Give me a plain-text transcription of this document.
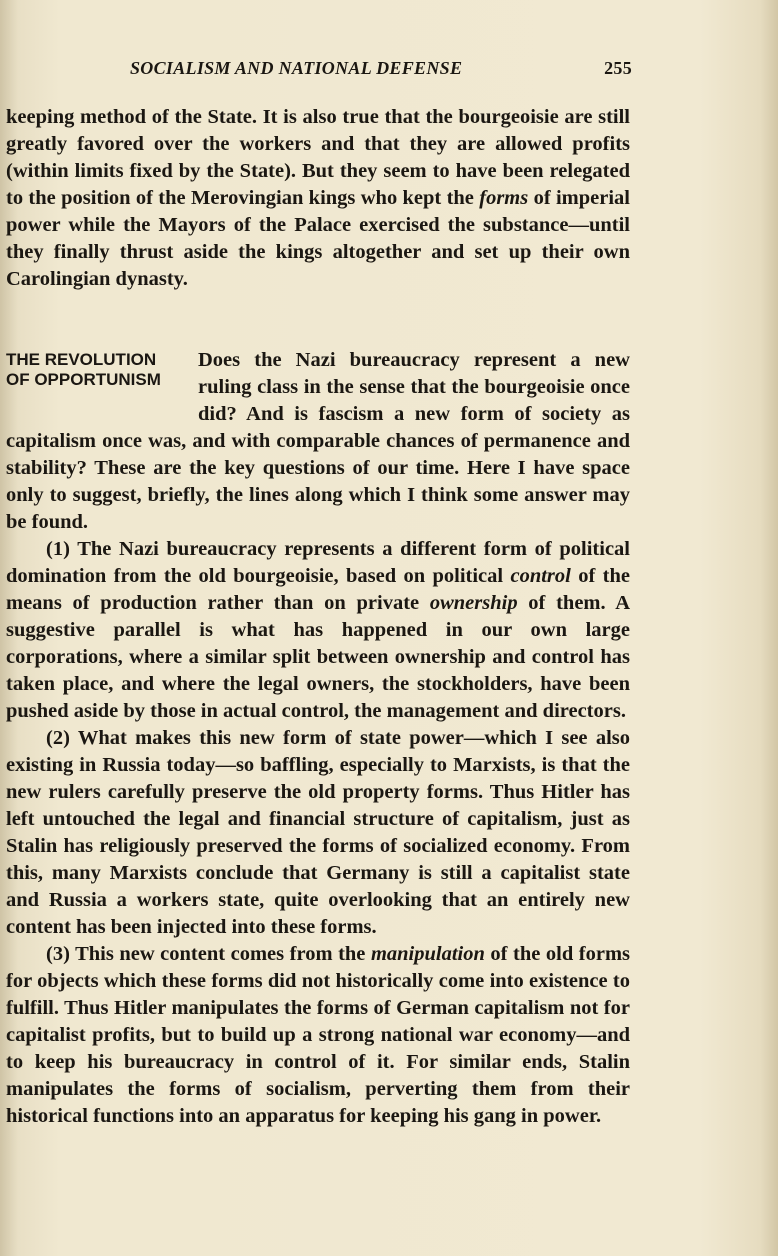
SOCIALISM AND NATIONAL DEFENSE	255

keeping method of the State. It is also true that the bourgeoisie are still greatly favored over the workers and that they are allowed profits (within limits fixed by the State). But they seem to have been relegated to the position of the Merovingian kings who kept the forms of imperial power while the Mayors of the Palace exercised the substance—until they finally thrust aside the kings altogether and set up their own Carolingian dynasty.

THE REVOLUTION
OF OPPORTUNISM
Does the Nazi bureaucracy represent a new ruling class in the sense that the bourgeoisie once did? And is fascism a new form of society as capitalism once was, and with comparable chances of permanence and stability? These are the key questions of our time. Here I have space only to suggest, briefly, the lines along which I think some answer may be found.

(1) The Nazi bureaucracy represents a different form of political domination from the old bourgeoisie, based on political control of the means of production rather than on private ownership of them. A suggestive parallel is what has happened in our own large corporations, where a similar split between ownership and control has taken place, and where the legal owners, the stockholders, have been pushed aside by those in actual control, the management and directors.

(2) What makes this new form of state power—which I see also existing in Russia today—so baffling, especially to Marxists, is that the new rulers carefully preserve the old property forms. Thus Hitler has left untouched the legal and financial structure of capitalism, just as Stalin has religiously preserved the forms of socialized economy. From this, many Marxists conclude that Germany is still a capitalist state and Russia a workers state, quite overlooking that an entirely new content has been injected into these forms.

(3) This new content comes from the manipulation of the old forms for objects which these forms did not historically come into existence to fulfill. Thus Hitler manipulates the forms of German capitalism not for capitalist profits, but to build up a strong national war economy—and to keep his bureaucracy in control of it. For similar ends, Stalin manipulates the forms of socialism, perverting them from their historical functions into an apparatus for keeping his gang in power.
